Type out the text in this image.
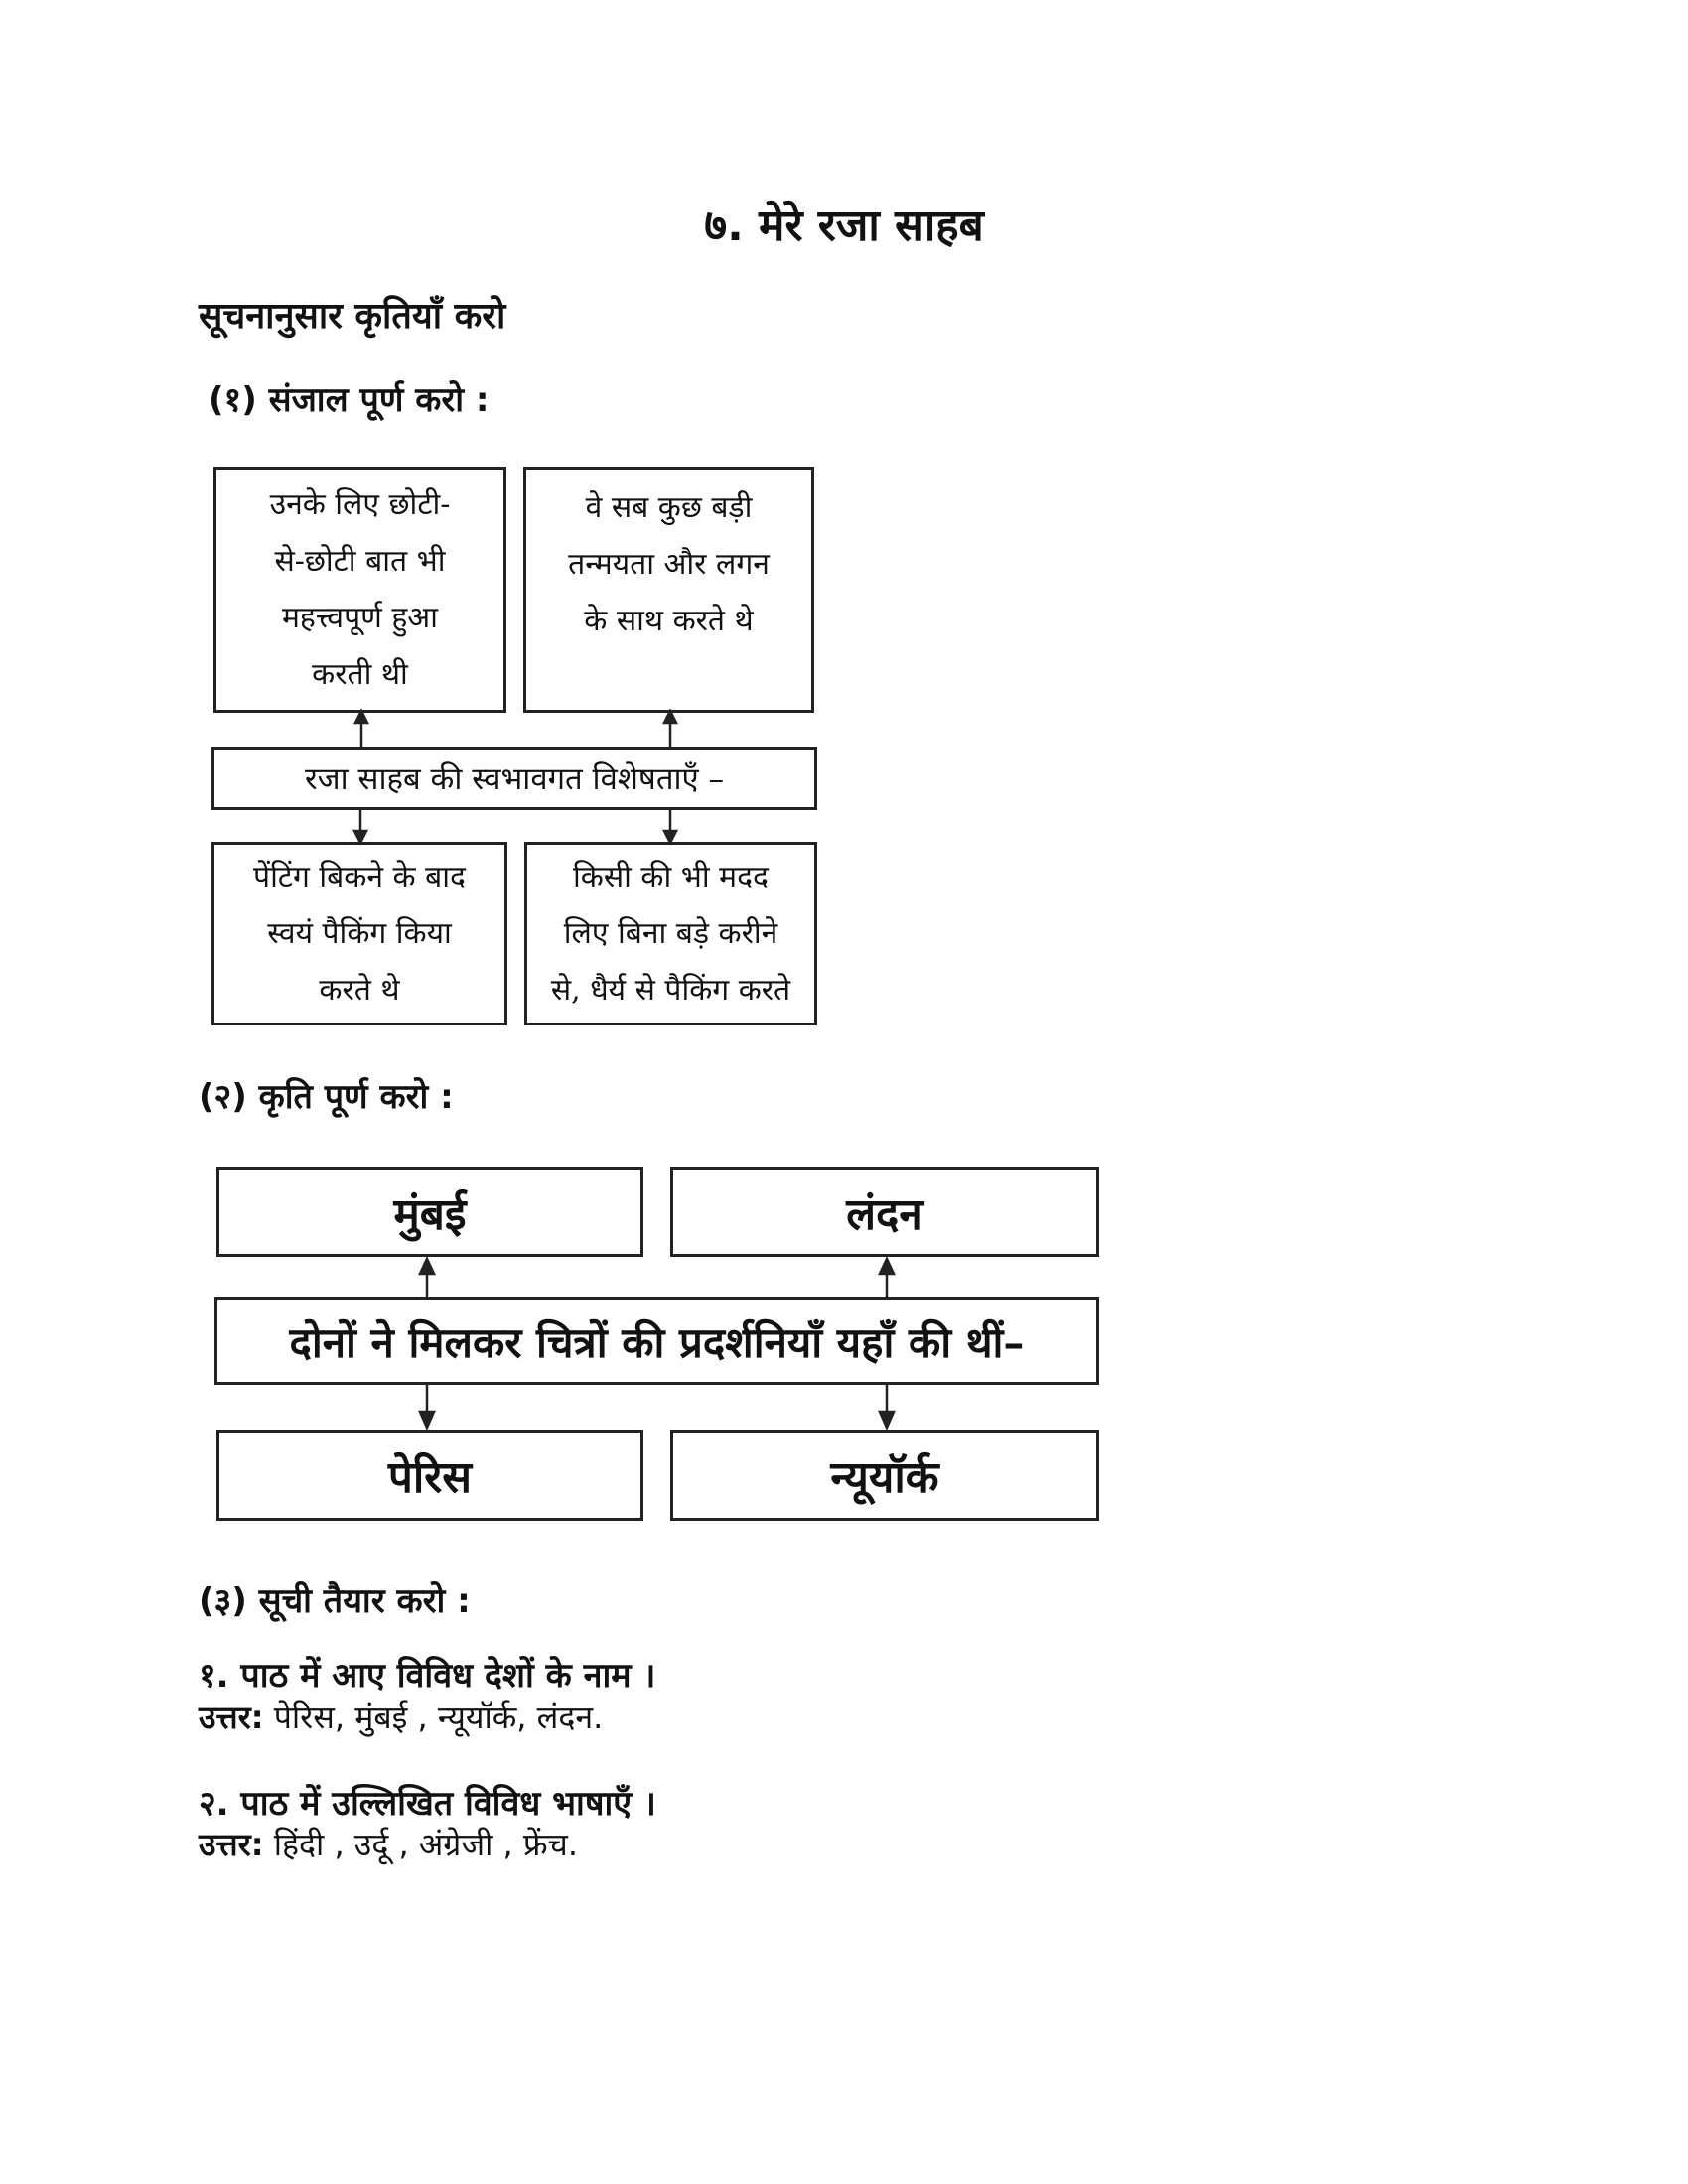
७. मेरे रजा साहब
सूचनानुसार कृतियाँ करो
(१) संजाल पूर्ण करो :
उनके लिए छोटी-
से-छोटी बात भी
महत्त्वपूर्ण हुआ
करती थी
वे सब कुछ बड़ी
तन्मयता और लगन
के साथ करते थे
रजा साहब की स्वभावगत विशेषताएँ –
पेंटिंग बिकने के बाद
स्वयं पैकिंग किया
करते थे
किसी की भी मदद
लिए बिना बड़े करीने
से, धैर्य से पैकिंग करते
(२) कृति पूर्ण करो :
मुंबई	लंदन
दोनों ने मिलकर चित्रों की प्रदर्शनियाँ यहाँ की थीं–
पेरिस	न्यूयॉर्क
(३) सूची तैयार करो :
१. पाठ में आए विविध देशों के नाम ।
उत्तर: पेरिस, मुंबई , न्यूयॉर्क, लंदन.
२. पाठ में उल्लिखित विविध भाषाएँ ।
उत्तर: हिंदी , उर्दू , अंग्रेजी , फ्रेंच.
